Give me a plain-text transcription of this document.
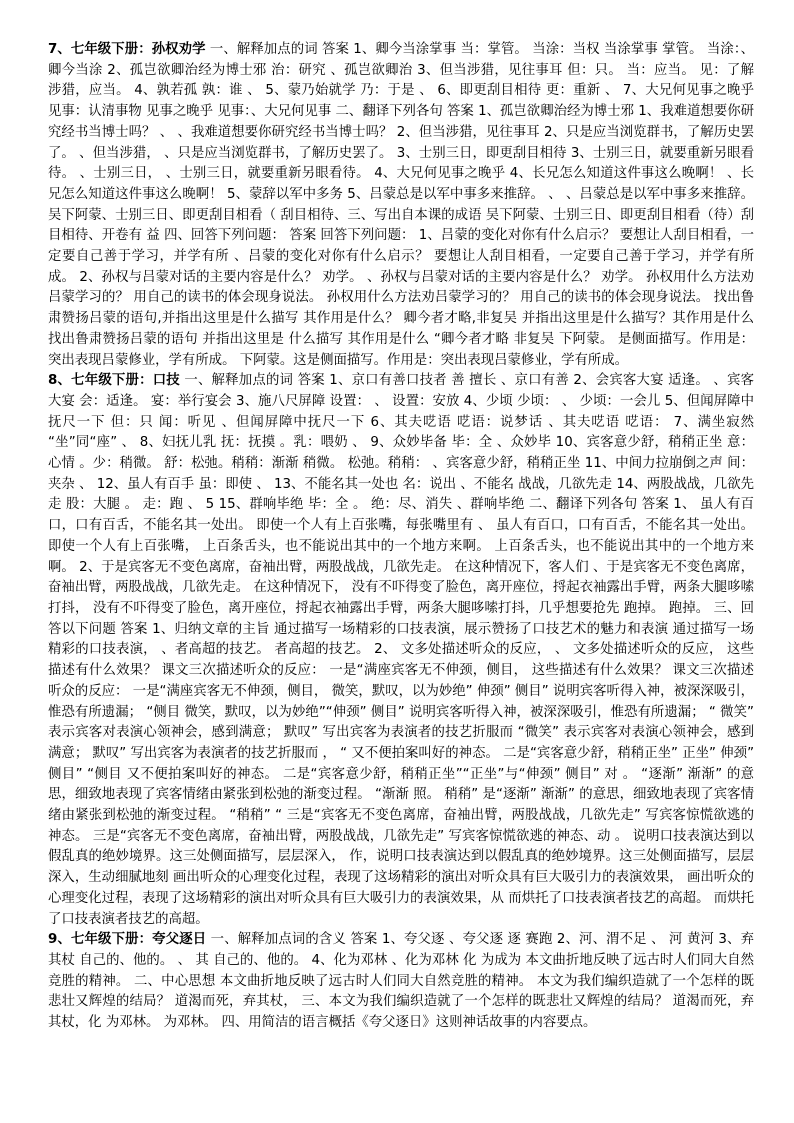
7、七年级下册：孙权劝学 一、解释加点的词 答案 1、卿今当涂掌事 当：掌管。 当涂：当权 当涂掌事 掌管。 当涂：、卿今当涂 2、孤岂欲卿治经为博士邪 治：研究 、孤岂欲卿治 3、但当涉猎，见往事耳 但：只。 当：应当。 见：了解 涉猎，应当。 4、孰若孤 孰：谁 、 5、蒙乃始就学 乃：于是 、 6、即更刮目相待 更：重新 、 7、大兄何见事之晚乎 见事：认清事物 见事之晚乎 见事：、大兄何见事 二、翻译下列各句 答案 1、孤岂欲卿治经为博士邪 1、我难道想要你研究经书当博士吗？ 、 、我难道想要你研究经书当博士吗？ 2、但当涉猎，见往事耳 2、只是应当浏览群书，了解历史罢了。 、但当涉猎， 、只是应当浏览群书，了解历史罢了。 3、士别三日，即更刮目相待 3、士别三日，就要重新另眼看待。 、士别三日， 、士别三日，就要重新另眼看待。 4、大兄何见事之晚乎 4、长兄怎么知道这件事这么晚啊！ 、长兄怎么知道这件事这么晚啊！ 5、蒙辞以军中多务 5、吕蒙总是以军中事多来推辞。 、 、吕蒙总是以军中事多来推辞。 吴下阿蒙、士别三日、即更刮目相看（ 刮目相待、三、写出自本课的成语 吴下阿蒙、士别三日、即更刮目相看（待）刮目相待、开卷有 益 四、回答下列问题： 答案 回答下列问题： 1、吕蒙的变化对你有什么启示？ 要想让人刮目相看，一定要自己善于学习，并学有所 、吕蒙的变化对你有什么启示？ 要想让人刮目相看，一定要自己善于学习，并学有所 成。 2、孙权与吕蒙对话的主要内容是什么？ 劝学。 、孙权与吕蒙对话的主要内容是什么？ 劝学。 孙权用什么方法劝吕蒙学习的？ 用自己的读书的体会现身说法。 孙权用什么方法劝吕蒙学习的？ 用自己的读书的体会现身说法。 找出鲁肃赞扬吕蒙的语句,并指出这里是什么描写 其作用是什么？ 卿今者才略,非复吴 并指出这里是什么描写？其作用是什么 找出鲁肃赞扬吕蒙的语句 并指出这里是 什么描写 其作用是什么 “卿今者才略 非复吴 下阿蒙。 是侧面描写。作用是：突出表现吕蒙修业，学有所成。 下阿蒙。这是侧面描写。作用是：突出表现吕蒙修业，学有所成。
8、七年级下册：口技 一、解释加点的词 答案 1、京口有善口技者 善 擅长 、京口有善 2、会宾客大宴 适逢。 、宾客大宴 会：适逢。 宴：举行宴会 3、施八尺屏障 设置： 、 设置：安放 4、少顷 少顷： 、 少顷：一会儿 5、但闻屏障中抚尺一下 但：只 闻：听见 、但闻屏障中抚尺一下 6、其夫呓语 呓语：说梦话 、其夫呓语 呓语： 7、满坐寂然 “坐”同“座” 、 8、妇抚儿乳 抚：抚摸 。乳：喂奶 、 9、众妙毕备 毕：全 、众妙毕 10、宾客意少舒，稍稍正坐 意：心情 。少：稍微。 舒：松弛。稍稍：渐渐 稍微。 松弛。稍稍： 、宾客意少舒，稍稍正坐 11、中间力拉崩倒之声 间：夹杂 、 12、虽人有百手 虽：即使 、 13、不能名其一处也 名：说出 、不能名 战战，几欲先走 14、两股战战，几欲先走 股：大腿 。 走：跑 、 5 15、群响毕绝 毕：全 。 绝：尽、消失 、群响毕绝 二、翻译下列各句 答案 1、 虽人有百口，口有百舌，不能名其一处出。 即使一个人有上百张嘴，每张嘴里有 、 虽人有百口，口有百舌，不能名其一处出。 即使一个人有上百张嘴， 上百条舌头，也不能说出其中的一个地方来啊。 上百条舌头，也不能说出其中的一个地方来啊。 2、于是宾客无不变色离席，奋袖出臂，两股战战，几欲先走。 在这种情况下，客人们 、于是宾客无不变色离席，奋袖出臂，两股战战，几欲先走。 在这种情况下， 没有不吓得变了脸色，离开座位，捋起衣袖露出手臂，两条大腿哆嗦打抖， 没有不吓得变了脸色，离开座位，捋起衣袖露出手臂，两条大腿哆嗦打抖，几乎想要抢先 跑掉。 跑掉。 三、回答以下问题 答案 1、归纳文章的主旨 通过描写一场精彩的口技表演，展示赞扬了口技艺术的魅力和表演 通过描写一场精彩的口技表演， 、者高超的技艺。 者高超的技艺。 2、 文多处描述听众的反应， 、 文多处描述听众的反应， 这些描述有什么效果？ 课文三次描述听众的反应： 一是“满座宾客无不伸颈，侧目， 这些描述有什么效果？ 课文三次描述听众的反应： 一是“满座宾客无不伸颈，侧目， 微笑，默叹，以为妙绝” 伸颈” 侧目” 说明宾客听得入神，被深深吸引，惟恐有所遗漏； “侧目 微笑，默叹，以为妙绝”“伸颈” 侧目” 说明宾客听得入神，被深深吸引，惟恐有所遗漏； “ 微笑” 表示宾客对表演心领神会，感到满意； 默叹” 写出宾客为表演者的技艺折服而 “微笑” 表示宾客对表演心领神会，感到满意； 默叹” 写出宾客为表演者的技艺折服而 ， “ 又不便拍案叫好的神态。 二是“宾客意少舒，稍稍正坐” 正坐” 伸颈” 侧目” “侧目 又不便拍案叫好的神态。 二是“宾客意少舒，稍稍正坐”“正坐”与“伸颈” 侧目” 对 。 “逐渐” 渐渐” 的意思，细致地表现了宾客情绪由紧张到松弛的渐变过程。 “渐渐 照。 稍稍” 是“逐渐” 渐渐” 的意思，细致地表现了宾客情绪由紧张到松弛的渐变过程。 “稍稍” “ 三是“宾客无不变色离席，奋袖出臂，两股战战，几欲先走” 写宾客惊慌欲逃的神态。 三是“宾客无不变色离席，奋袖出臂，两股战战，几欲先走” 写宾客惊慌欲逃的神态、动 。 说明口技表演达到以假乱真的绝妙境界。这三处侧面描写，层层深入， 作，说明口技表演达到以假乱真的绝妙境界。这三处侧面描写，层层深入，生动细腻地刻 画出听众的心理变化过程，表现了这场精彩的演出对听众具有巨大吸引力的表演效果， 画出听众的心理变化过程，表现了这场精彩的演出对听众具有巨大吸引力的表演效果，从 而烘托了口技表演者技艺的高超。 而烘托了口技表演者技艺的高超。
9、七年级下册：夸父逐日 一、解释加点词的含义 答案 1、夸父逐 、夸父逐 逐 赛跑 2、河、渭不足 、 河 黄河 3、弃其杖 自己的、他的。 、 其 自己的、他的。 4、化为邓林 、化为邓林 化 为成为 本文曲折地反映了远古时人们同大自然竞胜的精神。 二、中心思想 本文曲折地反映了远古时人们同大自然竞胜的精神。 本文为我们编织造就了一个怎样的既悲壮又辉煌的结局？ 道渴而死，弃其杖， 三、本文为我们编织造就了一个怎样的既悲壮又辉煌的结局？ 道渴而死，弃其杖，化 为邓林。 为邓林。 四、用简洁的语言概括《夸父逐日》这则神话故事的内容要点。
